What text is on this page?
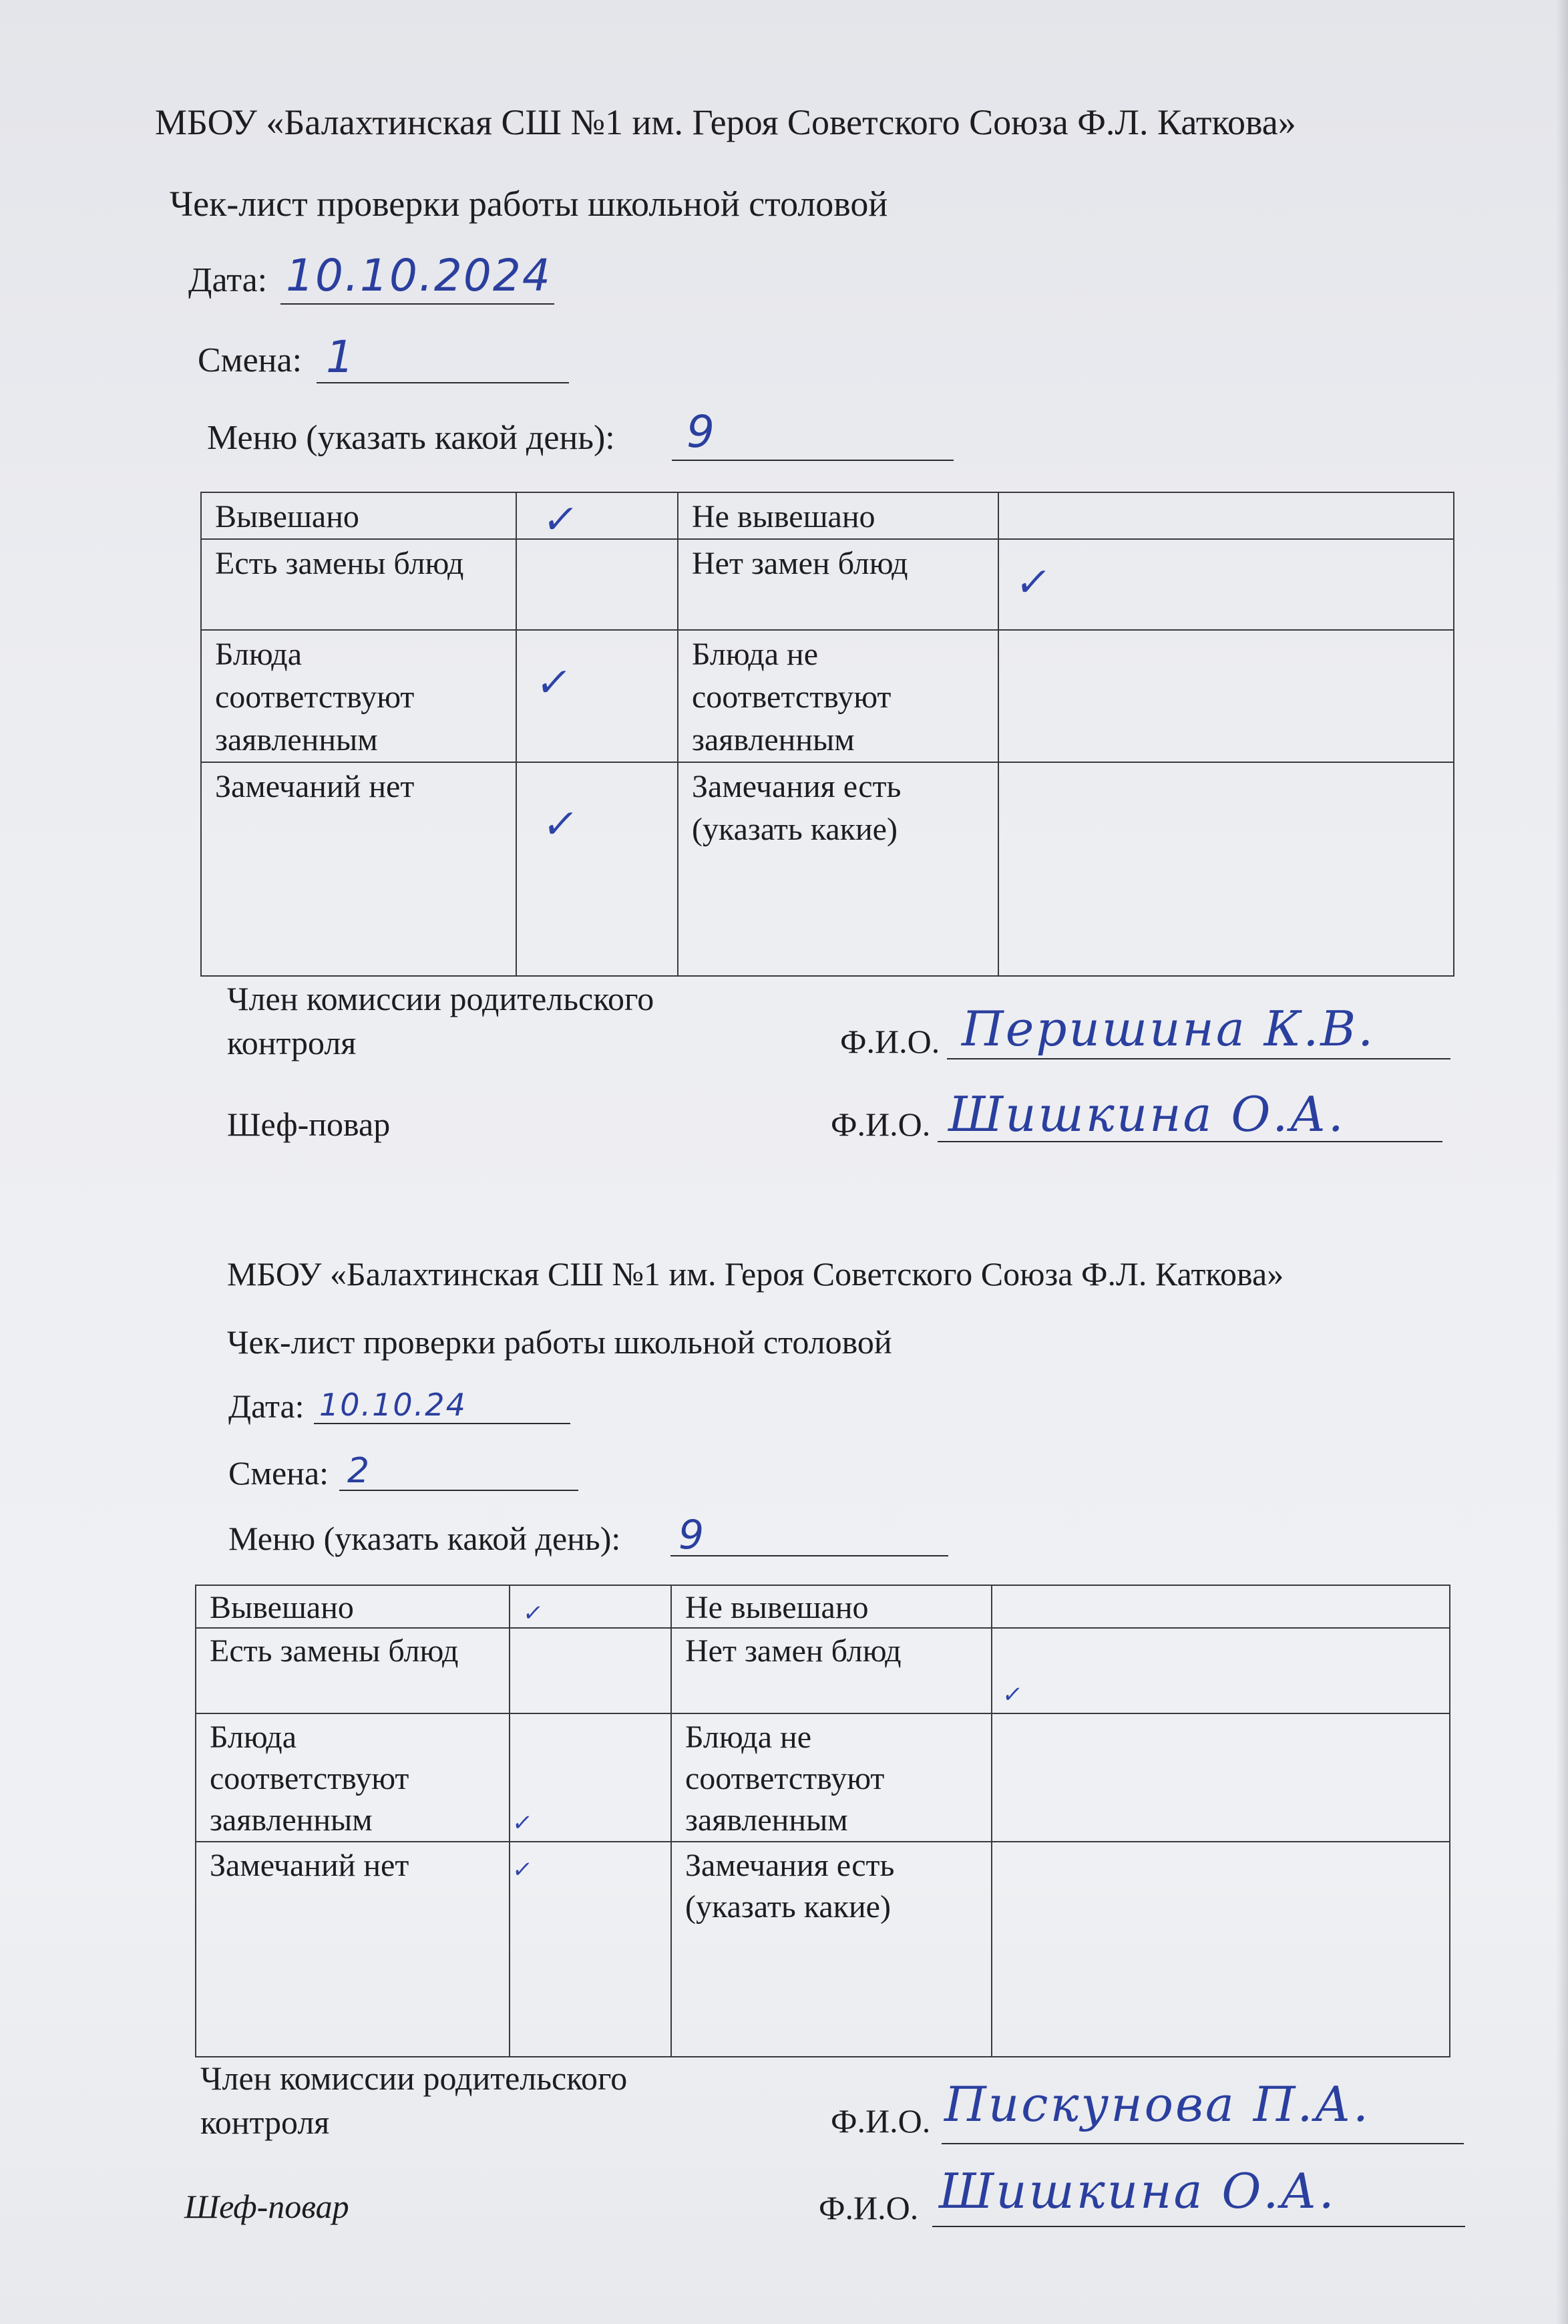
МБОУ «Балахтинская СШ №1 им. Героя Советского Союза Ф.Л. Каткова»
Чек-лист проверки работы школьной столовой
Дата: 10.10.2024
Смена: 1
Меню (указать какой день): 9
Вывешано	✓	Не вывешано	
Есть замены блюд		Нет замен блюд	✓

Блюда соответствуют заявленным	✓	Блюда не соответствуют заявленным	
Замечаний нет	✓	Замечания есть (указать какие)	
Член комиссии родительского контроля	Ф.И.О. Перишина К.В.
Шеф-повар	Ф.И.О. Шишкина О.А.
МБОУ «Балахтинская СШ №1 им. Героя Советского Союза Ф.Л. Каткова»
Чек-лист проверки работы школьной столовой
Дата: 10.10.24
Смена: 2
Меню (указать какой день): 9
Вывешано	✓	Не вывешано	
Есть замены блюд		Нет замен блюд	✓

Блюда соответствуют заявленным	✓	Блюда не соответствуют заявленным	
Замечаний нет	✓	Замечания есть (указать какие)	
Член комиссии родительского контроля	Ф.И.О. Пискунова П.А.
Шеф-повар	Ф.И.О. Шишкина О.А.
